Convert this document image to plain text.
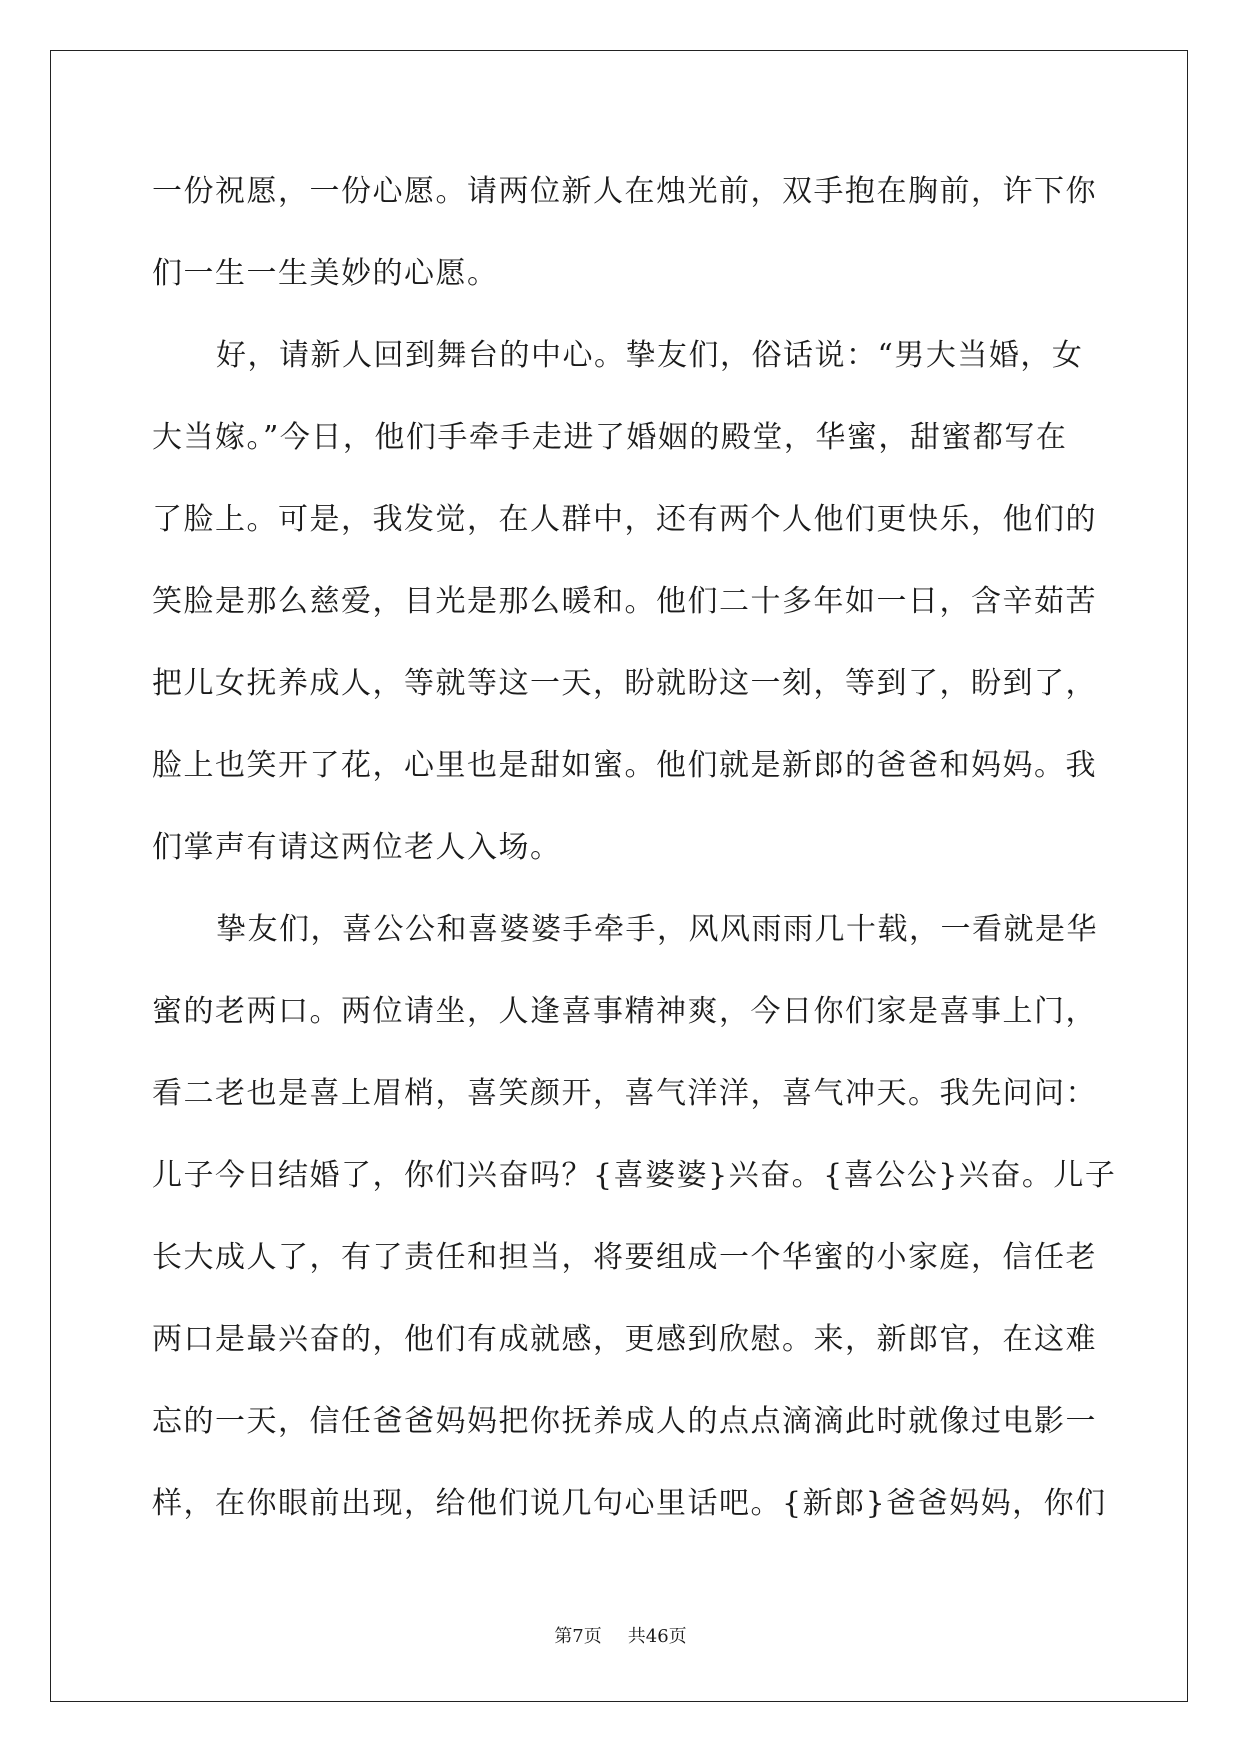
一份祝愿，一份心愿。请两位新人在烛光前，双手抱在胸前，许下你
们一生一生美妙的心愿。
好，请新人回到舞台的中心。挚友们，俗话说：“男大当婚，女
大当嫁。”今日，他们手牵手走进了婚姻的殿堂，华蜜，甜蜜都写在
了脸上。可是，我发觉，在人群中，还有两个人他们更快乐，他们的
笑脸是那么慈爱，目光是那么暖和。他们二十多年如一日，含辛茹苦
把儿女抚养成人，等就等这一天，盼就盼这一刻，等到了，盼到了，
脸上也笑开了花，心里也是甜如蜜。他们就是新郎的爸爸和妈妈。我
们掌声有请这两位老人入场。
挚友们，喜公公和喜婆婆手牵手，风风雨雨几十载，一看就是华
蜜的老两口。两位请坐，人逢喜事精神爽，今日你们家是喜事上门，
看二老也是喜上眉梢，喜笑颜开，喜气洋洋，喜气冲天。我先问问：
儿子今日结婚了，你们兴奋吗？{喜婆婆}兴奋。{喜公公}兴奋。儿子
长大成人了，有了责任和担当，将要组成一个华蜜的小家庭，信任老
两口是最兴奋的，他们有成就感，更感到欣慰。来，新郎官，在这难
忘的一天，信任爸爸妈妈把你抚养成人的点点滴滴此时就像过电影一
样，在你眼前出现，给他们说几句心里话吧。{新郎}爸爸妈妈，你们
第7页 共46页
